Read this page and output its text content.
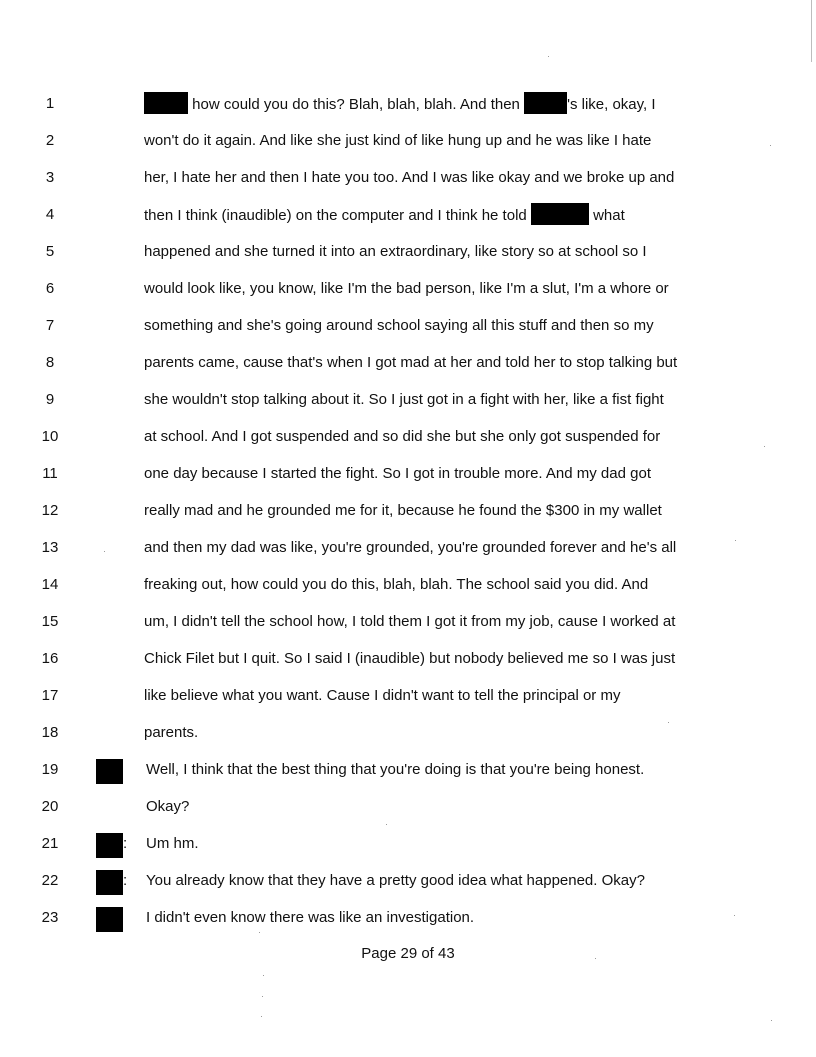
1	how could you do this? Blah, blah, blah. And then	's like, okay, I
2	won't do it again. And like she just kind of like hung up and he was like I hate
3	her, I hate her and then I hate you too. And I was like okay and we broke up and
4	then I think (inaudible) on the computer and I think he told	what
5	happened and she turned it into an extraordinary, like story so at school so I
6	would look like, you know, like I'm the bad person, like I'm a slut, I'm a whore or
7	something and she's going around school saying all this stuff and then so my
8	parents came, cause that's when I got mad at her and told her to stop talking but
9	she wouldn't stop talking about it. So I just got in a fight with her, like a fist fight
10	at school. And I got suspended and so did she but she only got suspended for
11	one day because I started the fight. So I got in trouble more. And my dad got
12	really mad and he grounded me for it, because he found the $300 in my wallet
13	and then my dad was like, you're grounded, you're grounded forever and he's all
14	freaking out, how could you do this, blah, blah. The school said you did. And
15	um, I didn't tell the school how, I told them I got it from my job, cause I worked at
16	Chick Filet but I quit. So I said I (inaudible) but nobody believed me so I was just
17	like believe what you want. Cause I didn't want to tell the principal or my
18	parents.
19	Well, I think that the best thing that you're doing is that you're being honest.
20	Okay?
21	: Um hm.
22	: You already know that they have a pretty good idea what happened. Okay?
23	I didn't even know there was like an investigation.
Page 29 of 43
